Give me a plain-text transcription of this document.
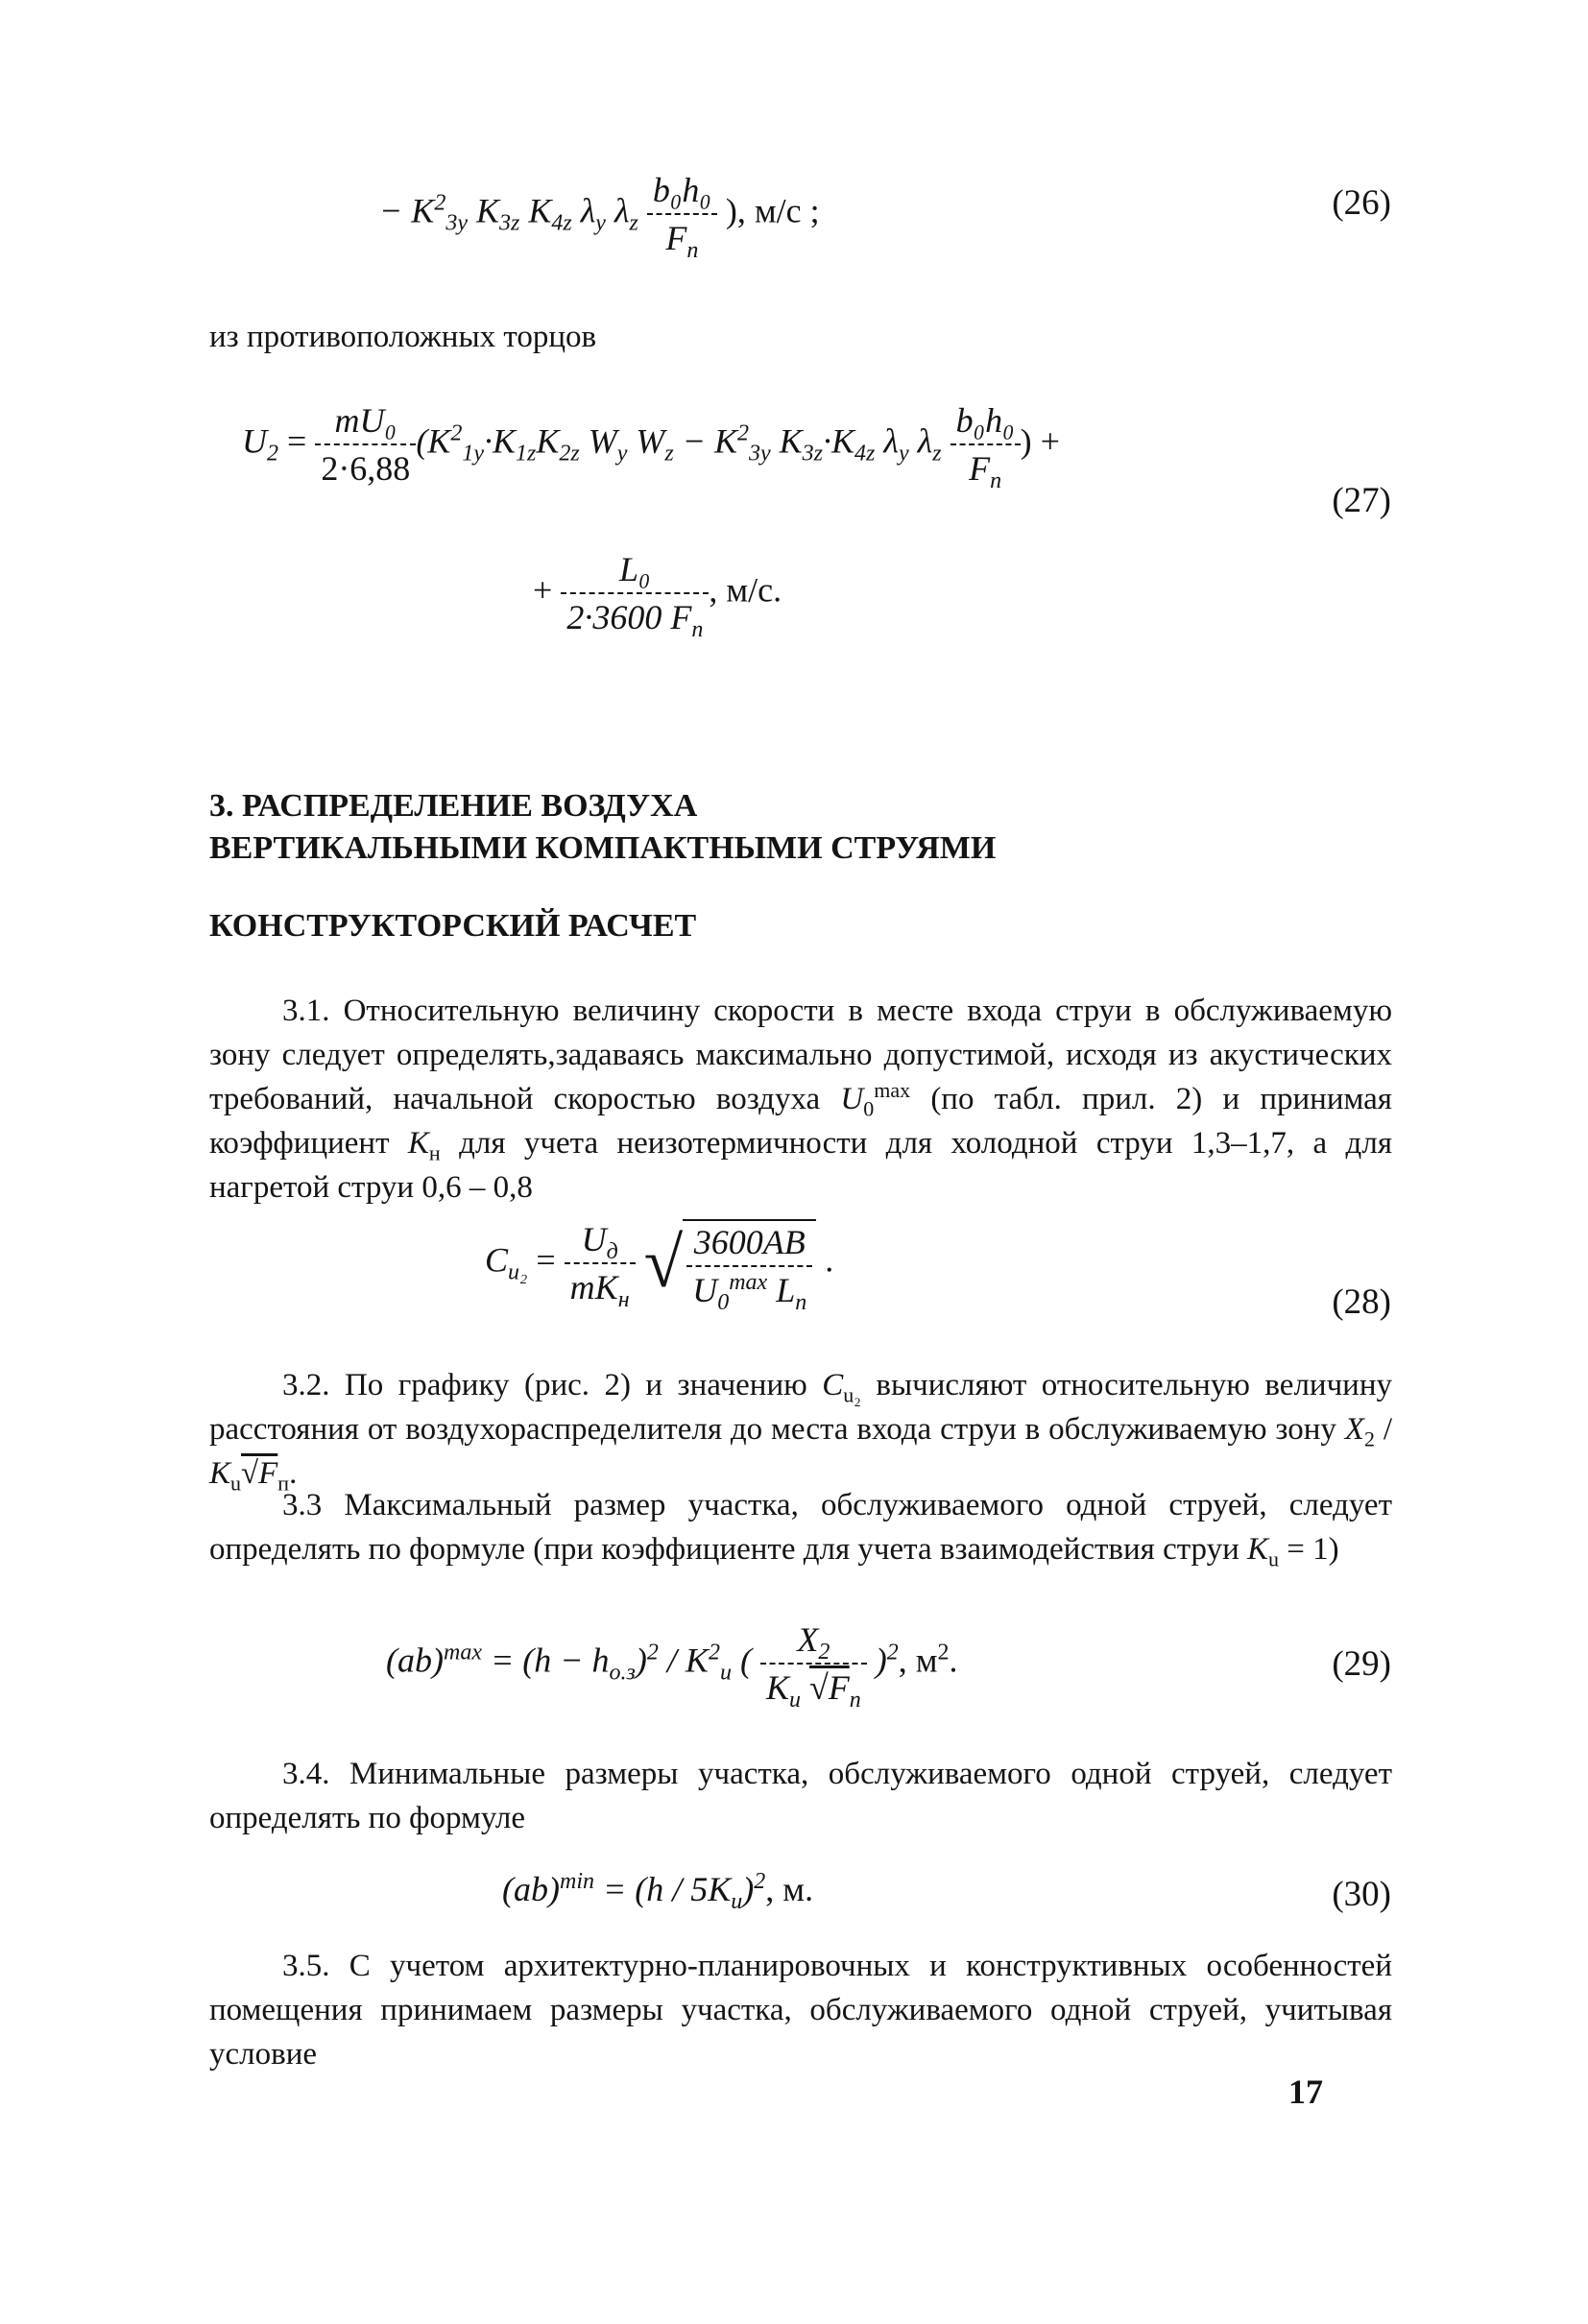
− $K^2_{3y}$ $K_{3z}$ $K_{4z}$ $\lambda_y$ $\lambda_z \frac{\text{b₀h₀}}{F_п}$ ), м/с ;	(26)
из противоположных торцов
$U_2 = \frac{\text{mU₀}}{2\cdot 6,88} (K^2_{1y}\cdot K_{1z}K_{2z}$ $W_y$ $W_z - K^2_{3y}$ $K_{3z}\cdot K_{4z}$ $\lambda_y$ $\lambda_z \frac{\text{b₀h₀}}{F_п}$ ) +
(27)
+ $\frac{\text{L₀}}{2\cdot 3600 F_п}$ , м/с.
3. РАСПРЕДЕЛЕНИЕ ВОЗДУХА
ВЕРТИКАЛЬНЫМИ КОМПАКТНЫМИ СТРУЯМИ
КОНСТРУКТОРСКИЙ РАСЧЕТ
3.1. Относительную величину скорости в месте входа струи в обслуживаемую зону следует определять,задаваясь максимально допустимой, исходя из акустических требований, начальной скоростью воздуха $U_0^{max}$ (по табл. прил. 2) и принимая коэффициент $K_н$ для учета неизотермичности для холодной струи 1,3–1,7, а для нагретой струи 0,6 – 0,8
$C_{u_2} = \frac{U_д}{mK_н}$ √ $\frac{3600AB}{U_0^{max} L_п}$ .
(28)
3.2. По графику (рис. 2) и значению $C_{u_2}$ вычисляют относительную величину расстояния от воздухораспределителя до места входа струи в обслуживаемую зону $X_2 / K_u√F_п$.
3.3 Максимальный размер участка, обслуживаемого одной струей, следует определять по формуле (при коэффициенте для учета взаимодействия струи $K_u = 1$)
$(ab)^{max} = (h - h_{о.з})^2 / K^2_u$ ( $\frac{X_2}{K_u √F_п} )^2$, $м^2$.	(29)
3.4. Минимальные размеры участка, обслуживаемого одной струей, следует определять по формуле
$(ab)^{min} = (h / 5K_u)^2$, м.	(30)
3.5. С учетом архитектурно-планировочных и конструктивных особенностей помещения принимаем размеры участка, обслуживаемого одной струей, учитывая условие
17
